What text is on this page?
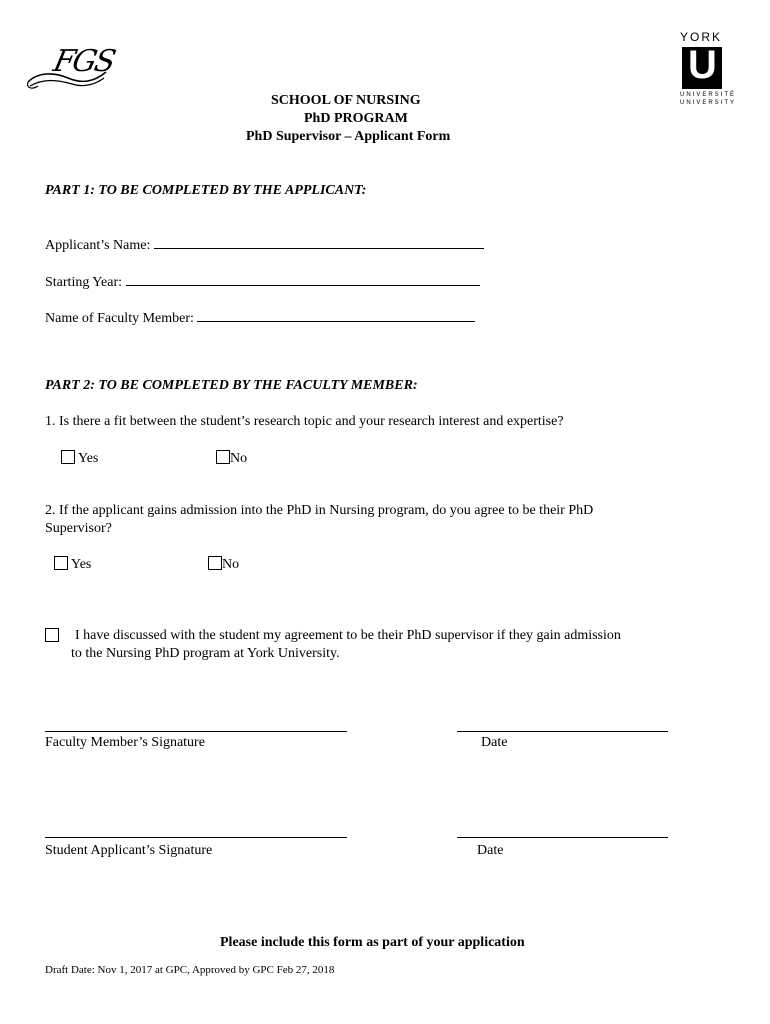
FGS
YORK
U
UNIVERSITÉ
UNIVERSITY
SCHOOL OF NURSING
PhD PROGRAM
PhD Supervisor – Applicant Form
PART 1: TO BE COMPLETED BY THE APPLICANT:
Applicant’s Name:
Starting Year:
Name of Faculty Member:
PART 2: TO BE COMPLETED BY THE FACULTY MEMBER:
1. Is there a fit between the student’s research topic and your research interest and expertise?
Yes	No
2. If the applicant gains admission into the PhD in Nursing program, do you agree to be their PhD
Supervisor?
Yes	No
I have discussed with the student my agreement to be their PhD supervisor if they gain admission
to the Nursing PhD program at York University.
Faculty Member’s Signature	Date
Student Applicant’s Signature	Date
Please include this form as part of your application
Draft Date: Nov 1, 2017 at GPC, Approved by GPC Feb 27, 2018
